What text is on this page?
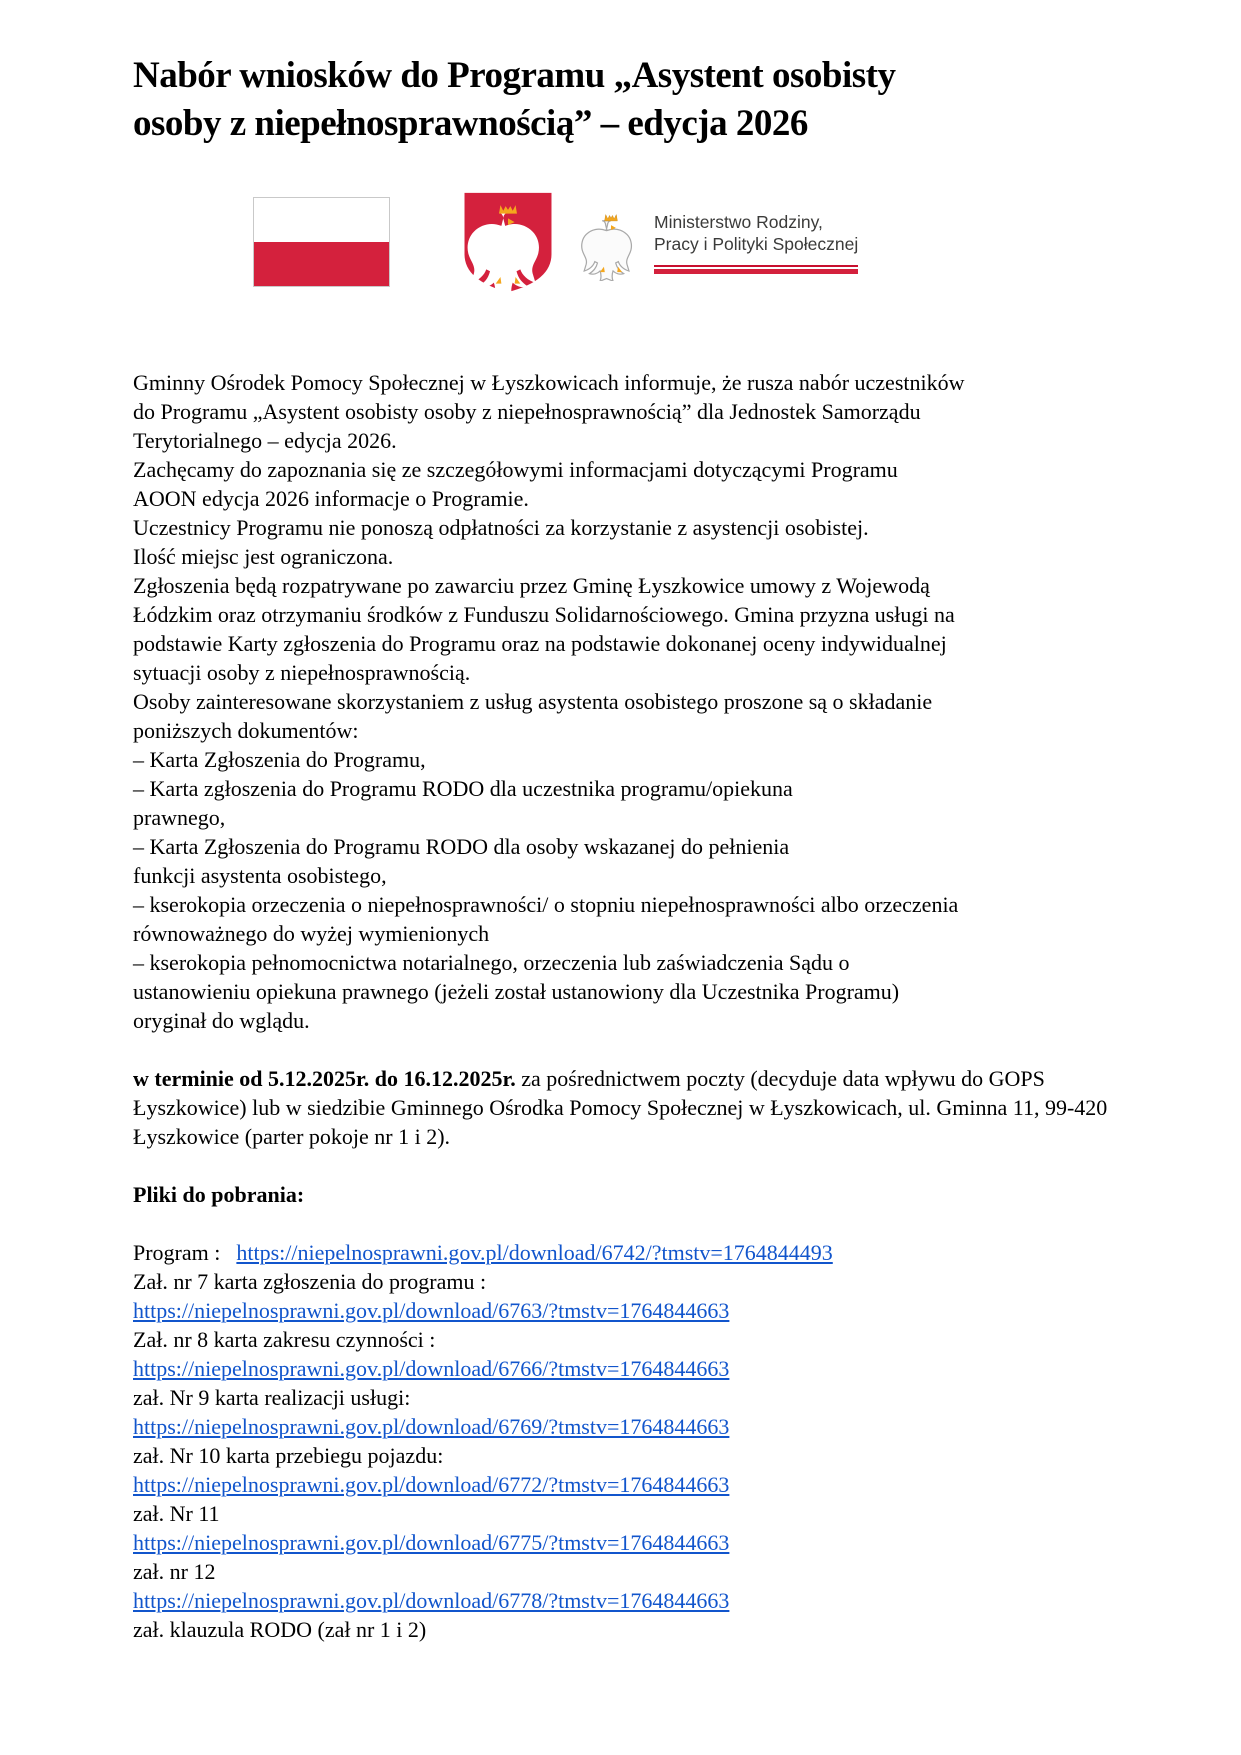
Nabór wniosków do Programu „Asystent osobisty
osoby z niepełnosprawnością” – edycja 2026
Ministerstwo Rodziny,
Pracy i Polityki Społecznej
Gminny Ośrodek Pomocy Społecznej w Łyszkowicach informuje, że rusza nabór uczestników
do Programu „Asystent osobisty osoby z niepełnosprawnością” dla Jednostek Samorządu
Terytorialnego – edycja 2026.
Zachęcamy do zapoznania się ze szczegółowymi informacjami dotyczącymi Programu
AOON edycja 2026 informacje o Programie.
Uczestnicy Programu nie ponoszą odpłatności za korzystanie z asystencji osobistej.
Ilość miejsc jest ograniczona.
Zgłoszenia będą rozpatrywane po zawarciu przez Gminę Łyszkowice umowy z Wojewodą
Łódzkim oraz otrzymaniu środków z Funduszu Solidarnościowego. Gmina przyzna usługi na
podstawie Karty zgłoszenia do Programu oraz na podstawie dokonanej oceny indywidualnej
sytuacji osoby z niepełnosprawnością.
Osoby zainteresowane skorzystaniem z usług asystenta osobistego proszone są o składanie
poniższych dokumentów:
– Karta Zgłoszenia do Programu,
– Karta zgłoszenia do Programu RODO dla uczestnika programu/opiekuna
prawnego,
– Karta Zgłoszenia do Programu RODO dla osoby wskazanej do pełnienia
funkcji asystenta osobistego,
– kserokopia orzeczenia o niepełnosprawności/ o stopniu niepełnosprawności albo orzeczenia
równoważnego do wyżej wymienionych
– kserokopia pełnomocnictwa notarialnego, orzeczenia lub zaświadczenia Sądu o
ustanowieniu opiekuna prawnego (jeżeli został ustanowiony dla Uczestnika Programu)
oryginał do wglądu.

w terminie od 5.12.2025r. do 16.12.2025r. za pośrednictwem poczty (decyduje data wpływu do GOPS Łyszkowice) lub w siedzibie Gminnego Ośrodka Pomocy Społecznej w Łyszkowicach, ul. Gminna 11, 99-420 Łyszkowice (parter pokoje nr 1 i 2).

Pliki do pobrania:
Program : https://niepelnosprawni.gov.pl/download/6742/?tmstv=1764844493
Zał. nr 7 karta zgłoszenia do programu :
https://niepelnosprawni.gov.pl/download/6763/?tmstv=1764844663
Zał. nr 8 karta zakresu czynności :
https://niepelnosprawni.gov.pl/download/6766/?tmstv=1764844663
zał. Nr 9 karta realizacji usługi:
https://niepelnosprawni.gov.pl/download/6769/?tmstv=1764844663
zał. Nr 10 karta przebiegu pojazdu:
https://niepelnosprawni.gov.pl/download/6772/?tmstv=1764844663
zał. Nr 11
https://niepelnosprawni.gov.pl/download/6775/?tmstv=1764844663
zał. nr 12
https://niepelnosprawni.gov.pl/download/6778/?tmstv=1764844663
zał. klauzula RODO (zał nr 1 i 2)
